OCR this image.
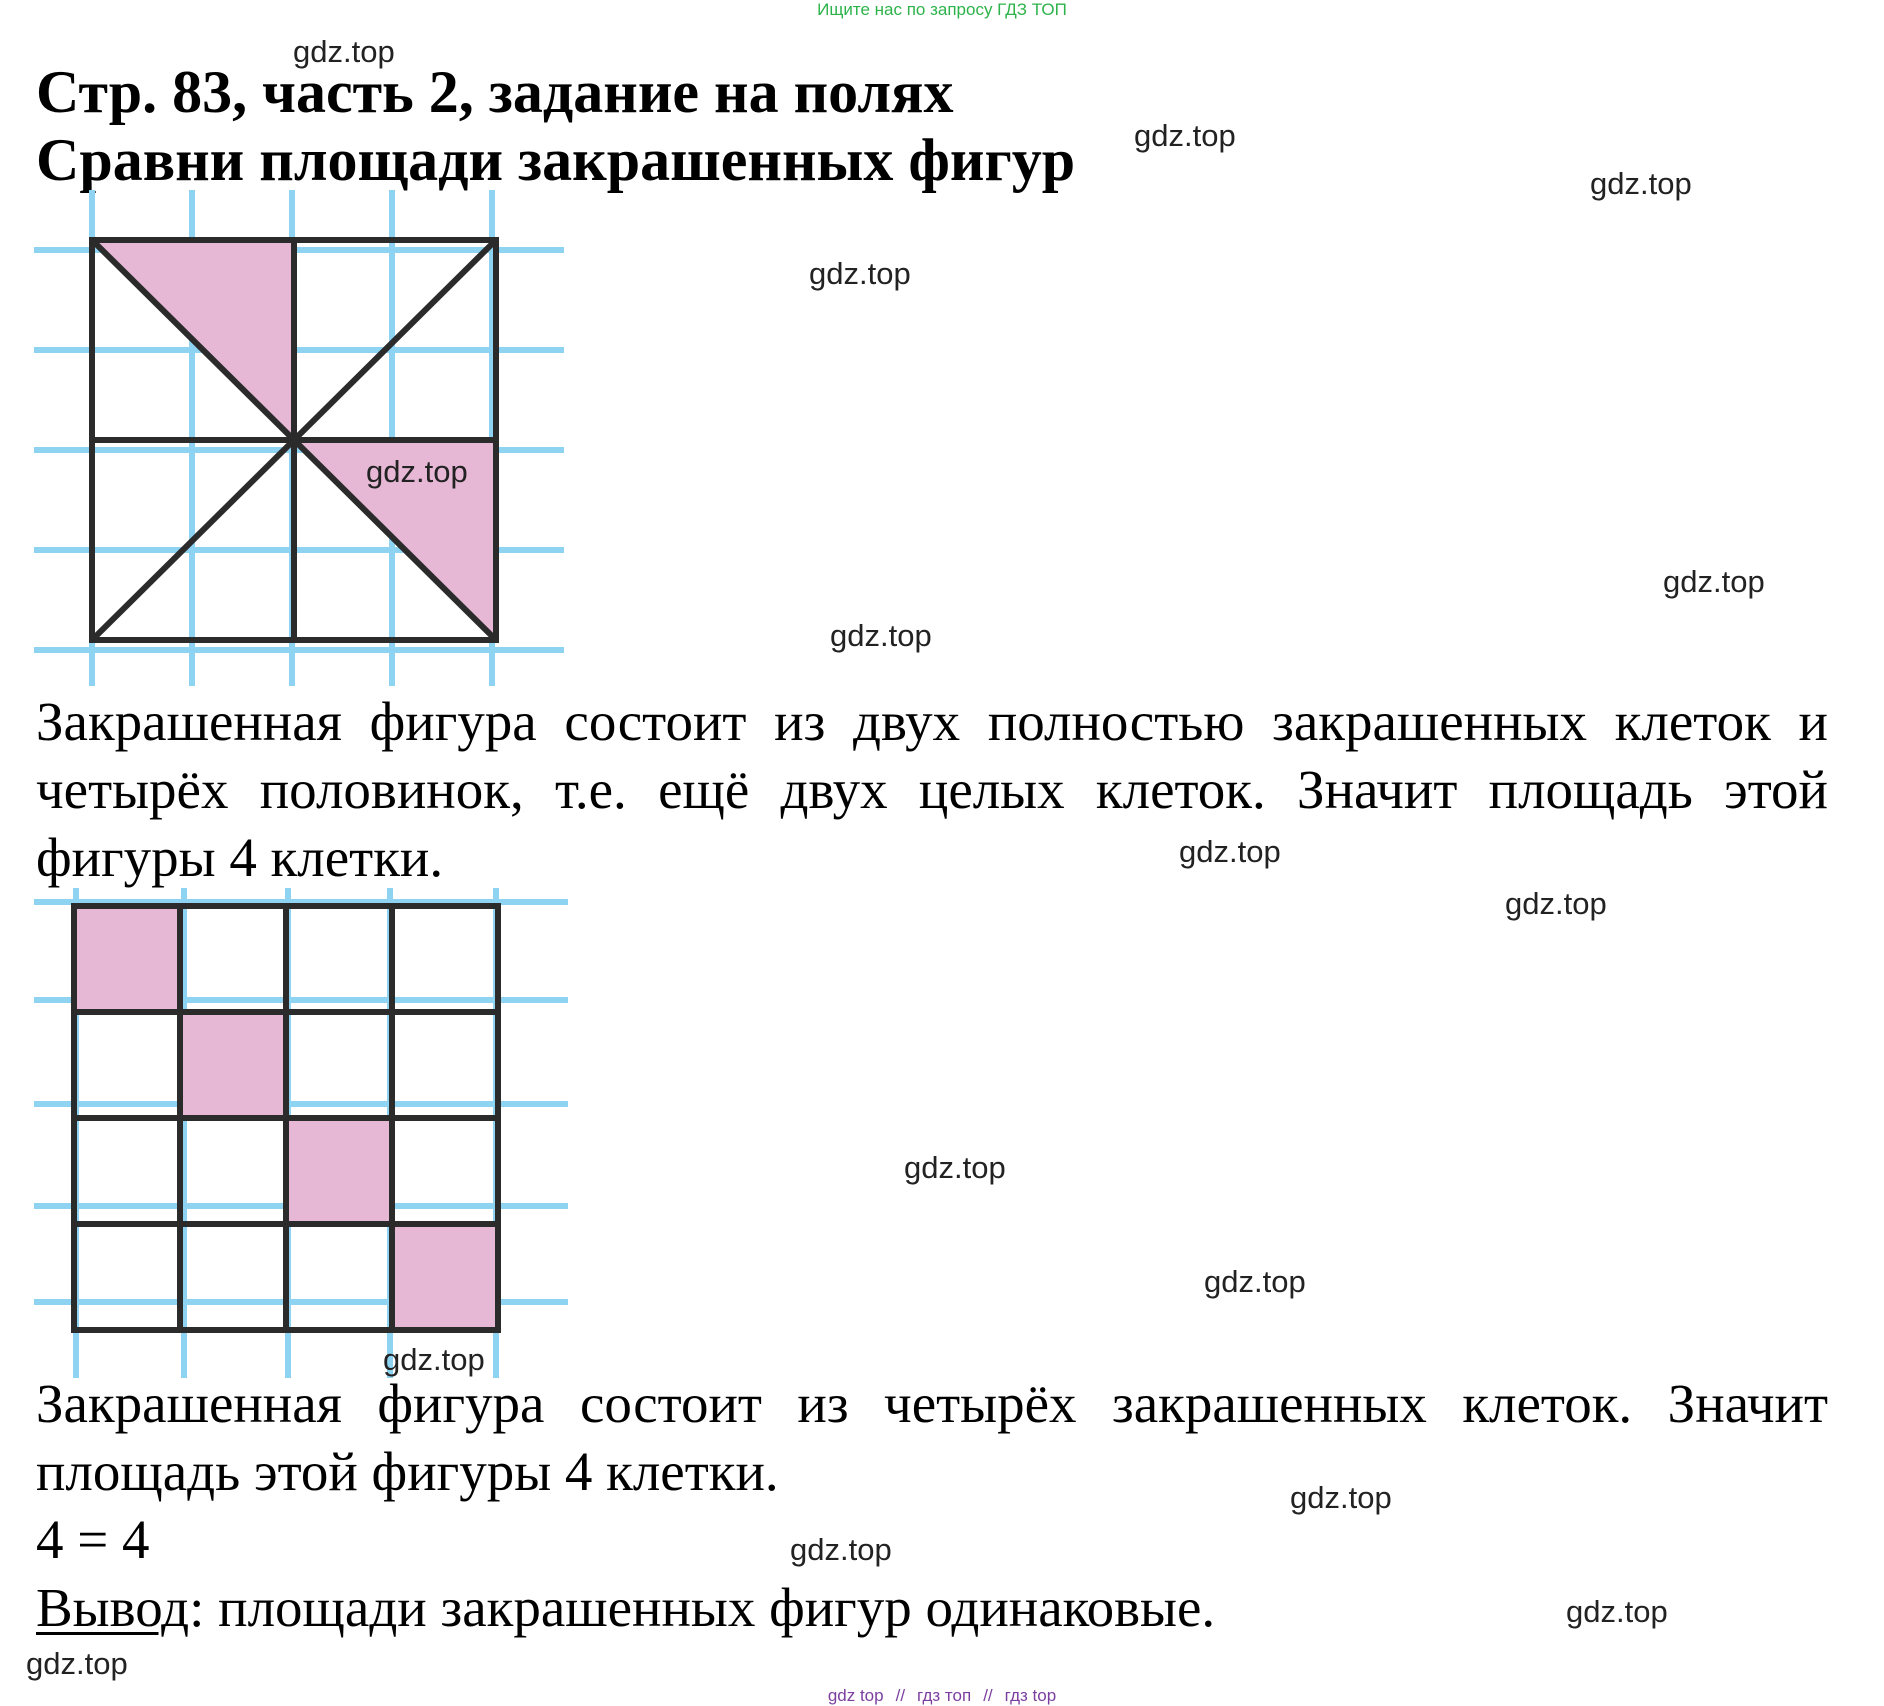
Ищите нас по запросу ГДЗ ТОП
Стр. 83, часть 2, задание на полях
Сравни площади закрашенных фигур

Закрашенная фигура состоит из двух полностью закрашенных клеток и четырёх половинок, т.е. ещё двух целых клеток. Значит площадь этой фигуры 4 клетки.

Закрашенная фигура состоит из четырёх закрашенных клеток. Значит площадь этой фигуры 4 клетки.

4 = 4
Вывод: площади закрашенных фигур одинаковые.
gdz.top
gdz.top
gdz.top
gdz.top
gdz.top
gdz.top
gdz.top
gdz.top
gdz.top
gdz.top
gdz.top
gdz.top
gdz.top
gdz.top
gdz.top
gdz.top
gdz top // гдз топ // гдз top
